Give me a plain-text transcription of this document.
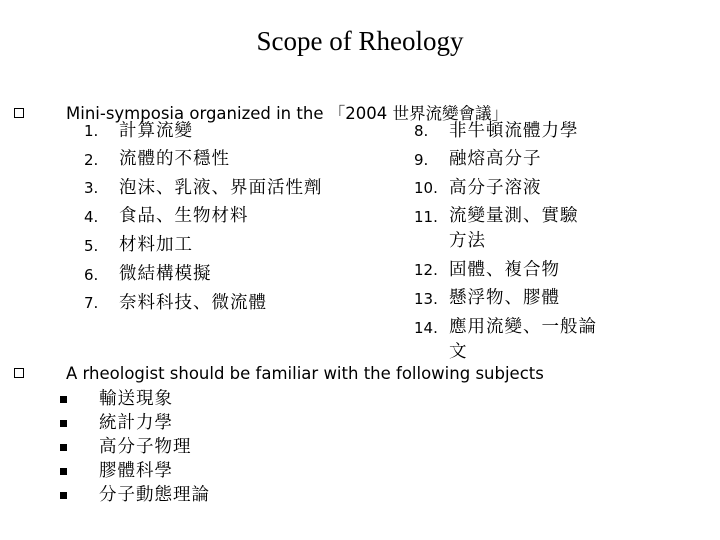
Scope of Rheology
Mini-symposia organized in the 「2004 世界流變會議」
1. 計算流變
2. 流體的不穩性
3. 泡沫、乳液、界面活性劑
4. 食品、生物材料
5. 材料加工
6. 微結構模擬
7. 奈料科技、微流體
8. 非牛頓流體力學
9. 融熔高分子
10. 高分子溶液
11. 流變量測、實驗
方法
12. 固體、複合物
13. 懸浮物、膠體
14. 應用流變、一般論
文
A rheologist should be familiar with the following subjects
輸送現象
統計力學
高分子物理
膠體科學
分子動態理論
